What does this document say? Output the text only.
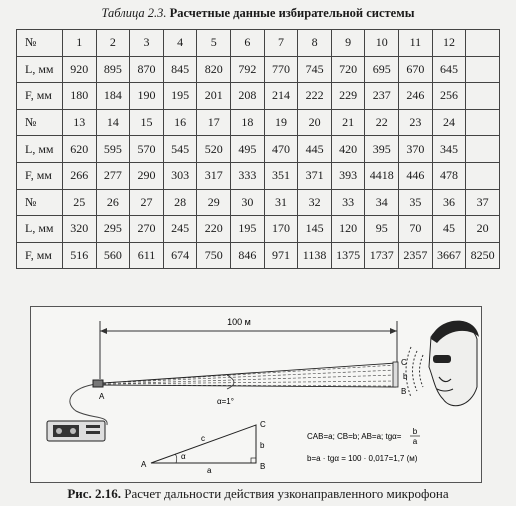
Таблица 2.3. Расчетные данные избирательной системы
№	1	2	3	4	5	6	7	8	9	10	11	12	
L, мм	920	895	870	845	820	792	770	745	720	695	670	645	
F, мм	180	184	190	195	201	208	214	222	229	237	246	256	
№	13	14	15	16	17	18	19	20	21	22	23	24	
L, мм	620	595	570	545	520	495	470	445	420	395	370	345	
F, мм	266	277	290	303	317	333	351	371	393	4418	446	478	
№	25	26	27	28	29	30	31	32	33	34	35	36	37
L, мм	320	295	270	245	220	195	170	145	120	95	70	45	20
F, мм	516	560	611	674	750	846	971	1138	1375	1737	2357	3667	8250
100 м
A
α=1°
C
b
B
A	B
C
a
b
c
α
CAB=a; CB=b; AB=a; tgα=
b
a
b=a · tgα = 100 · 0,017=1,7 (м)
Рис. 2.16. Расчет дальности действия узконаправленного микрофона
